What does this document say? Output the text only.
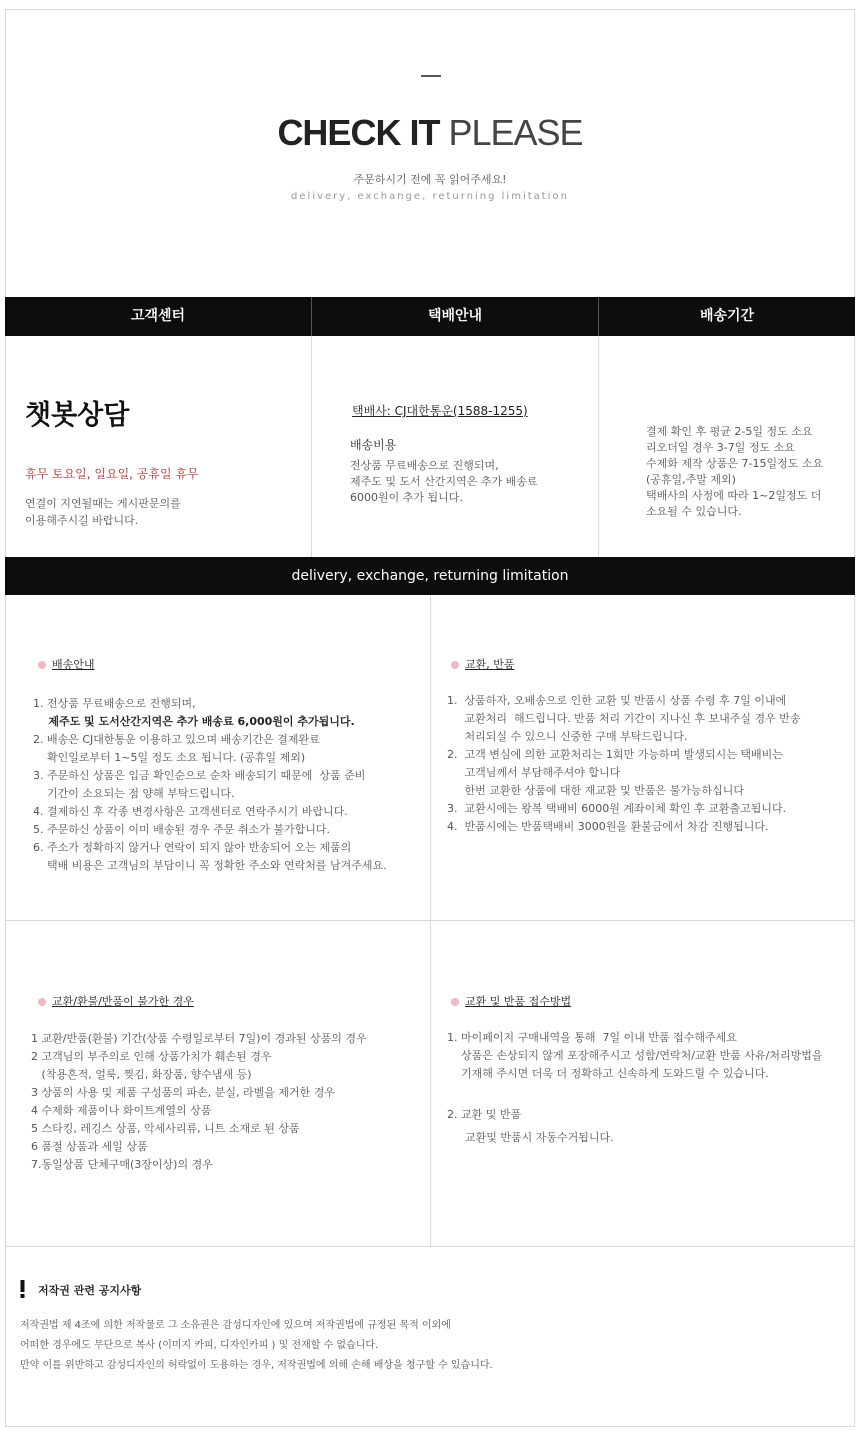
CHECK IT PLEASE
주문하시기 전에 꼭 읽어주세요!
delivery, exchange, returning limitation
고객센터	택배안내	배송기간
챗봇상담
휴무 토요일, 일요일, 공휴일 휴무
연결이 지연될때는 게시판문의를
이용해주시길 바랍니다.
택배사: CJ대한통운(1588-1255)
배송비용
전상품 무료배송으로 진행되며,
제주도 및 도서 산간지역은 추가 배송료
6000원이 추가 됩니다.
결제 확인 후 평균 2-5일 정도 소요
리오더일 경우 3-7일 정도 소요
수제화 제작 상품은 7-15일정도 소요
(공휴일,주말 제외)
택배사의 사정에 따라 1~2일정도 더
소요될 수 있습니다.
delivery, exchange, returning limitation
배송안내
1. 전상품 무료배송으로 진행되며,
제주도 및 도서산간지역은 추가 배송료 6,000원이 추가됩니다.
2. 배송은 CJ대한통운 이용하고 있으며 배송기간은 결제완료
확인일로부터 1~5일 정도 소요 됩니다. (공휴일 제외)
3. 주문하신 상품은 입금 확인순으로 순차 배송되기 때문에  상품 준비
기간이 소요되는 점 양해 부탁드립니다.
4. 결제하신 후 각종 변경사항은 고객센터로 연락주시기 바랍니다.
5. 주문하신 상품이 이미 배송된 경우 주문 취소가 불가합니다.
6. 주소가 정확하지 않거나 연락이 되지 않아 반송되어 오는 제품의
택배 비용은 고객님의 부담이니 꼭 정확한 주소와 연락처를 남겨주세요.
교환, 반품
1.  상품하자, 오배송으로 인한 교환 및 반품시 상품 수령 후 7일 이내에
교환처리  해드립니다. 반품 처리 기간이 지나신 후 보내주실 경우 반송
처리되실 수 있으니 신중한 구매 부탁드립니다.
2.  고객 변심에 의한 교환처리는 1회만 가능하며 발생되시는 택배비는
고객님께서 부담해주셔야 합니다
한번 교환한 상품에 대한 재교환 및 반품은 불가능하십니다
3.  교환시에는 왕복 택배비 6000원 계좌이체 확인 후 교환출고됩니다.
4.  반품시에는 반품택배비 3000원을 환불금에서 차감 진행됩니다.
교환/환불/반품이 불가한 경우
1 교환/반품(환불) 기간(상품 수령일로부터 7일)이 경과된 상품의 경우
2 고객님의 부주의로 인해 상품가치가 훼손된 경우
(착용흔적, 얼룩, 찢김, 화장품, 향수냄새 등)
3 상품의 사용 및 제품 구성품의 파손, 분실, 라벨을 제거한 경우
4 수제화 제품이나 화이트계열의 상품
5 스타킹, 레깅스 상품, 악세사리류, 니트 소재로 된 상품
6 품절 상품과 세일 상품
7.동일상품 단체구매(3장이상)의 경우
교환 및 반품 접수방법
1. 마이페이지 구매내역을 통해  7일 이내 반품 접수해주세요
상품은 손상되지 않게 포장해주시고 성함/연락처/교환 반품 사유/처리방법을
기재해 주시면 더욱 더 정확하고 신속하게 도와드릴 수 있습니다.
2. 교환 및 반품
교환및 반품시 자동수거됩니다.
저작권 관련 공지사항
저작권법 제 4조에 의한 저작물로 그 소유권은 감성디자인에 있으며 저작권법에 규정된 목적 이외에
어떠한 경우에도 무단으로 복사 (이미지 카피, 디자인카피 ) 및 전재할 수 없습니다.
만약 이를 위반하고 감성디자인의 허락없이 도용하는 경우, 저작권법에 의해 손해 배상을 청구할 수 있습니다.
